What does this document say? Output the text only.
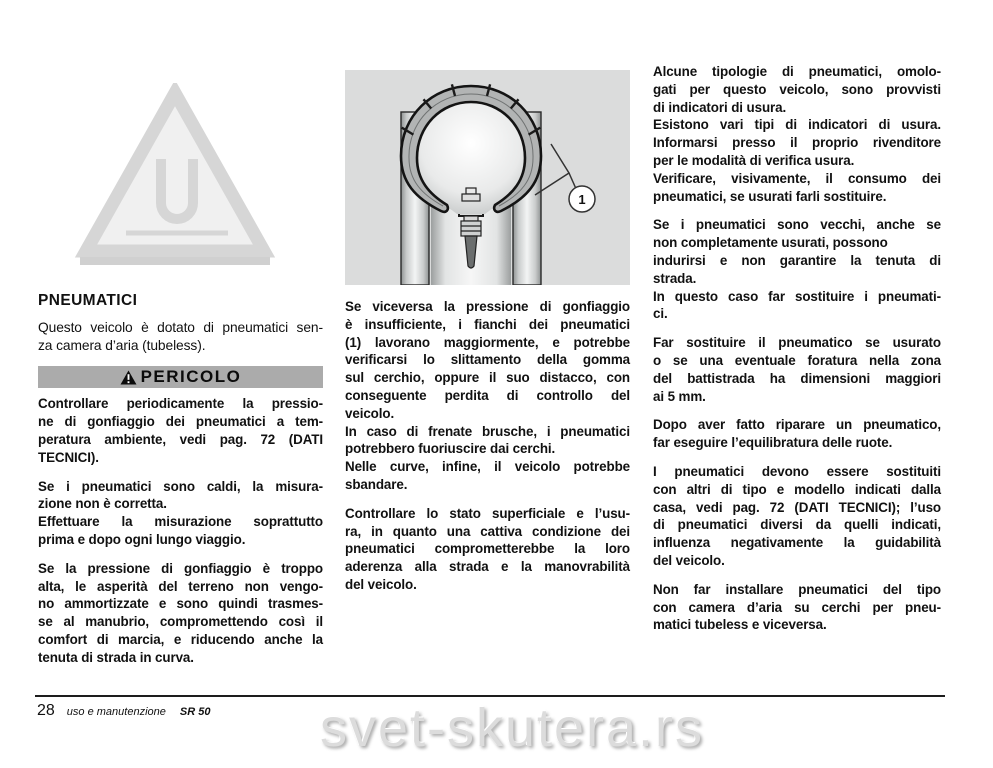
PNEUMATICI
Questo veicolo è dotato di pneumatici sen-
za camera d’aria (tubeless).
PERICOLO
Controllare periodicamente la pressio-
ne di gonfiaggio dei pneumatici a tem-
peratura ambiente, vedi pag. 72 (DATI
TECNICI).
Se i pneumatici sono caldi, la misura-
zione non è corretta.
Effettuare la misurazione soprattutto
prima e dopo ogni lungo viaggio.
Se la pressione di gonfiaggio è troppo
alta, le asperità del terreno non vengo-
no ammortizzate e sono quindi trasmes-
se al manubrio, compromettendo così il
comfort di marcia, e riducendo anche la
tenuta di strada in curva.
1
Se viceversa la pressione di gonfiaggio
è insufficiente, i fianchi dei pneumatici
(1) lavorano maggiormente, e potrebbe
verificarsi lo slittamento della gomma
sul cerchio, oppure il suo distacco, con
conseguente perdita di controllo del
veicolo.
In caso di frenate brusche, i pneumatici
potrebbero fuoriuscire dai cerchi.
Nelle curve, infine, il veicolo potrebbe
sbandare.
Controllare lo stato superficiale e l’usu-
ra, in quanto una cattiva condizione dei
pneumatici comprometterebbe la loro
aderenza alla strada e la manovrabilità
del veicolo.
Alcune tipologie di pneumatici, omolo-
gati per questo veicolo, sono provvisti
di indicatori di usura.
Esistono vari tipi di indicatori di usura.
Informarsi presso il proprio rivenditore
per le modalità di verifica usura.
Verificare, visivamente, il consumo dei
pneumatici, se usurati farli sostituire.
Se i pneumatici sono vecchi, anche se
non completamente usurati, possono
indurirsi e non garantire la tenuta di
strada.
In questo caso far sostituire i pneumati-
ci.
Far sostituire il pneumatico se usurato
o se una eventuale foratura nella zona
del battistrada ha dimensioni maggiori
ai 5 mm.
Dopo aver fatto riparare un pneumatico,
far eseguire l’equilibratura delle ruote.
I pneumatici devono essere sostituiti
con altri di tipo e modello indicati dalla
casa, vedi pag. 72 (DATI TECNICI); l’uso
di pneumatici diversi da quelli indicati,
influenza negativamente la guidabilità
del veicolo.
Non far installare pneumatici del tipo
con camera d’aria su cerchi per pneu-
matici tubeless e viceversa.
28 uso e manutenzione SR 50 svet-skutera.rs
